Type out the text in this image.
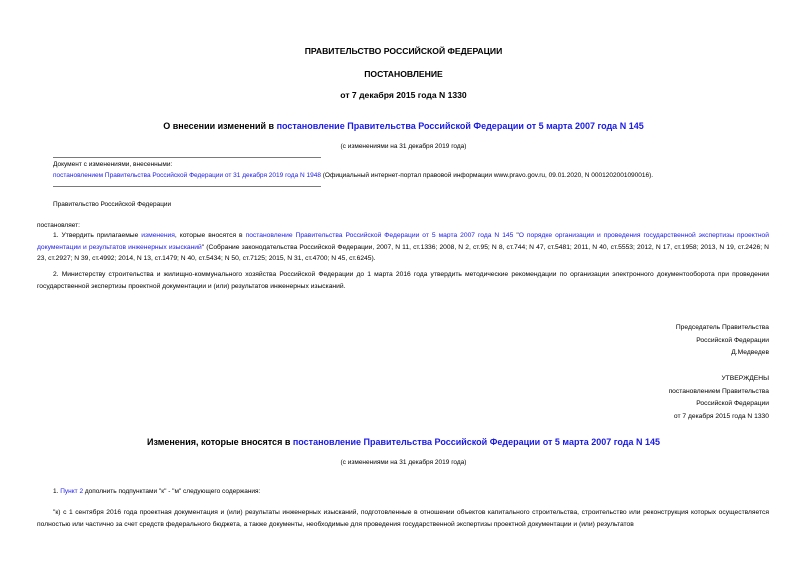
ПРАВИТЕЛЬСТВО РОССИЙСКОЙ ФЕДЕРАЦИИ
ПОСТАНОВЛЕНИЕ
от 7 декабря 2015 года N 1330
О внесении изменений в постановление Правительства Российской Федерации от 5 марта 2007 года N 145
(с изменениями на 31 декабря 2019 года)
Документ с изменениями, внесенными:
постановлением Правительства Российской Федерации от 31 декабря 2019 года N 1948 (Официальный интернет-портал правовой информации www.pravo.gov.ru, 09.01.2020, N 0001202001090016).
Правительство Российской Федерации
постановляет:
1. Утвердить прилагаемые изменения, которые вносятся в постановление Правительства Российской Федерации от 5 марта 2007 года N 145 "О порядке организации и проведения государственной экспертизы проектной документации и результатов инженерных изысканий" (Собрание законодательства Российской Федерации, 2007, N 11, ст.1336; 2008, N 2, ст.95; N 8, ст.744; N 47, ст.5481; 2011, N 40, ст.5553; 2012, N 17, ст.1958; 2013, N 19, ст.2426; N 23, ст.2927; N 39, ст.4992; 2014, N 13, ст.1479; N 40, ст.5434; N 50, ст.7125; 2015, N 31, ст.4700; N 45, ст.6245).
2. Министерству строительства и жилищно-коммунального хозяйства Российской Федерации до 1 марта 2016 года утвердить методические рекомендации по организации электронного документооборота при проведении государственной экспертизы проектной документации и (или) результатов инженерных изысканий.
Председатель Правительства
Российской Федерации
Д.Медведев
УТВЕРЖДЕНЫ
постановлением Правительства
Российской Федерации
от 7 декабря 2015 года N 1330
Изменения, которые вносятся в постановление Правительства Российской Федерации от 5 марта 2007 года N 145
(с изменениями на 31 декабря 2019 года)
1. Пункт 2 дополнить подпунктами "к" - "м" следующего содержания:
"к) с 1 сентября 2016 года проектная документация и (или) результаты инженерных изысканий, подготовленные в отношении объектов капитального строительства, строительство или реконструкция которых осуществляется полностью или частично за счет средств федерального бюджета, а также документы, необходимые для проведения государственной экспертизы проектной документации и (или) результатов
